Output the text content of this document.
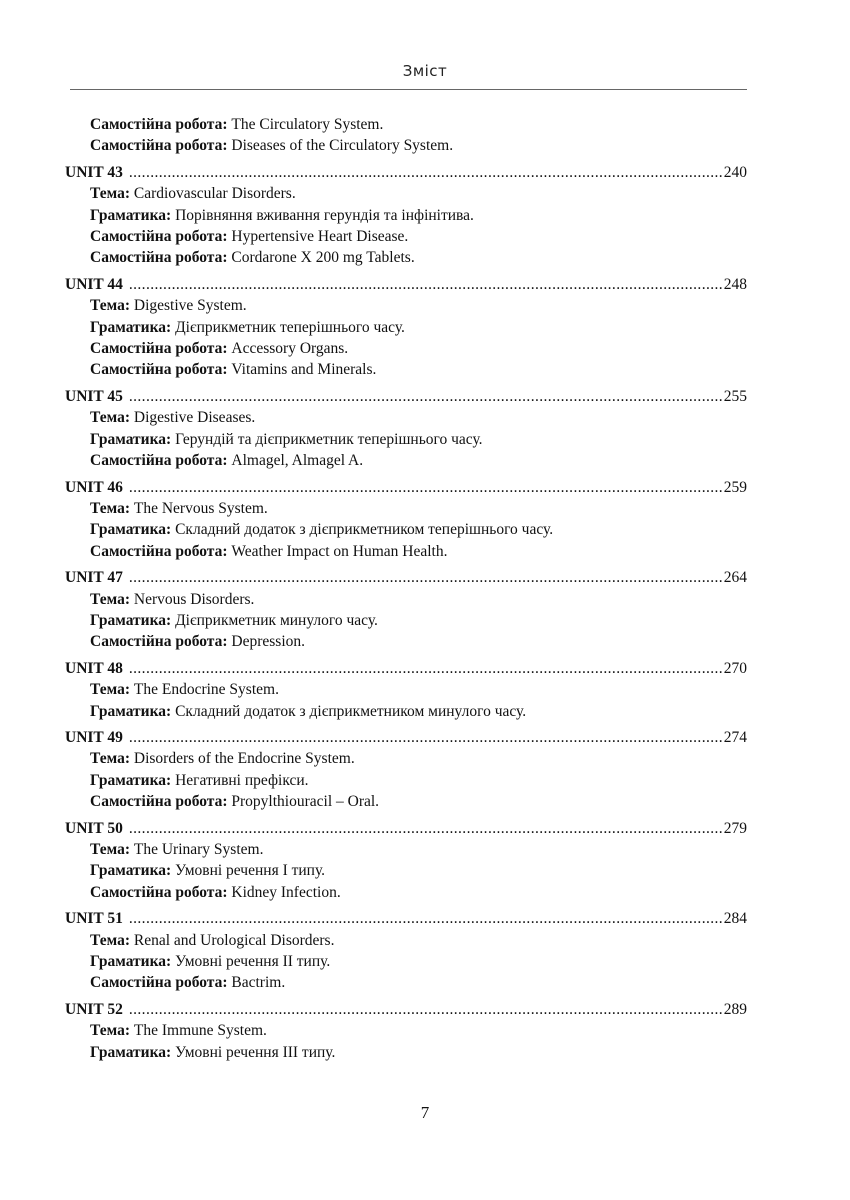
Зміст
Самостійна робота: The Circulatory System.
Самостійна робота: Diseases of the Circulatory System.
UNIT 43 .....	240
Тема: Cardiovascular Disorders.
Граматика: Порівняння вживання герундія та інфінітива.
Самостійна робота: Hypertensive Heart Disease.
Самостійна робота: Cordarone X 200 mg Tablets.
UNIT 44 .....	248
Тема: Digestive System.
Граматика: Дієприкметник теперішнього часу.
Самостійна робота: Accessory Organs.
Самостійна робота: Vitamins and Minerals.
UNIT 45 .....	255
Тема: Digestive Diseases.
Граматика: Герундій та дієприкметник теперішнього часу.
Самостійна робота: Almagel, Almagel A.
UNIT 46 .....	259
Тема: The Nervous System.
Граматика: Складний додаток з дієприкметником теперішнього часу.
Самостійна робота: Weather Impact on Human Health.
UNIT 47 .....	264
Тема: Nervous Disorders.
Граматика: Дієприкметник минулого часу.
Самостійна робота: Depression.
UNIT 48 .....	270
Тема: The Endocrine System.
Граматика: Складний додаток з дієприкметником минулого часу.
UNIT 49 .....	274
Тема: Disorders of the Endocrine System.
Граматика: Негативні префікси.
Самостійна робота: Propylthiouracil – Oral.
UNIT 50 .....	279
Тема: The Urinary System.
Граматика: Умовні речення І типу.
Самостійна робота: Kidney Infection.
UNIT 51 .....	284
Тема: Renal and Urological Disorders.
Граматика: Умовні речення ІІ типу.
Самостійна робота: Bactrim.
UNIT 52 .....	289
Тема: The Immune System.
Граматика: Умовні речення ІІІ типу.
7
